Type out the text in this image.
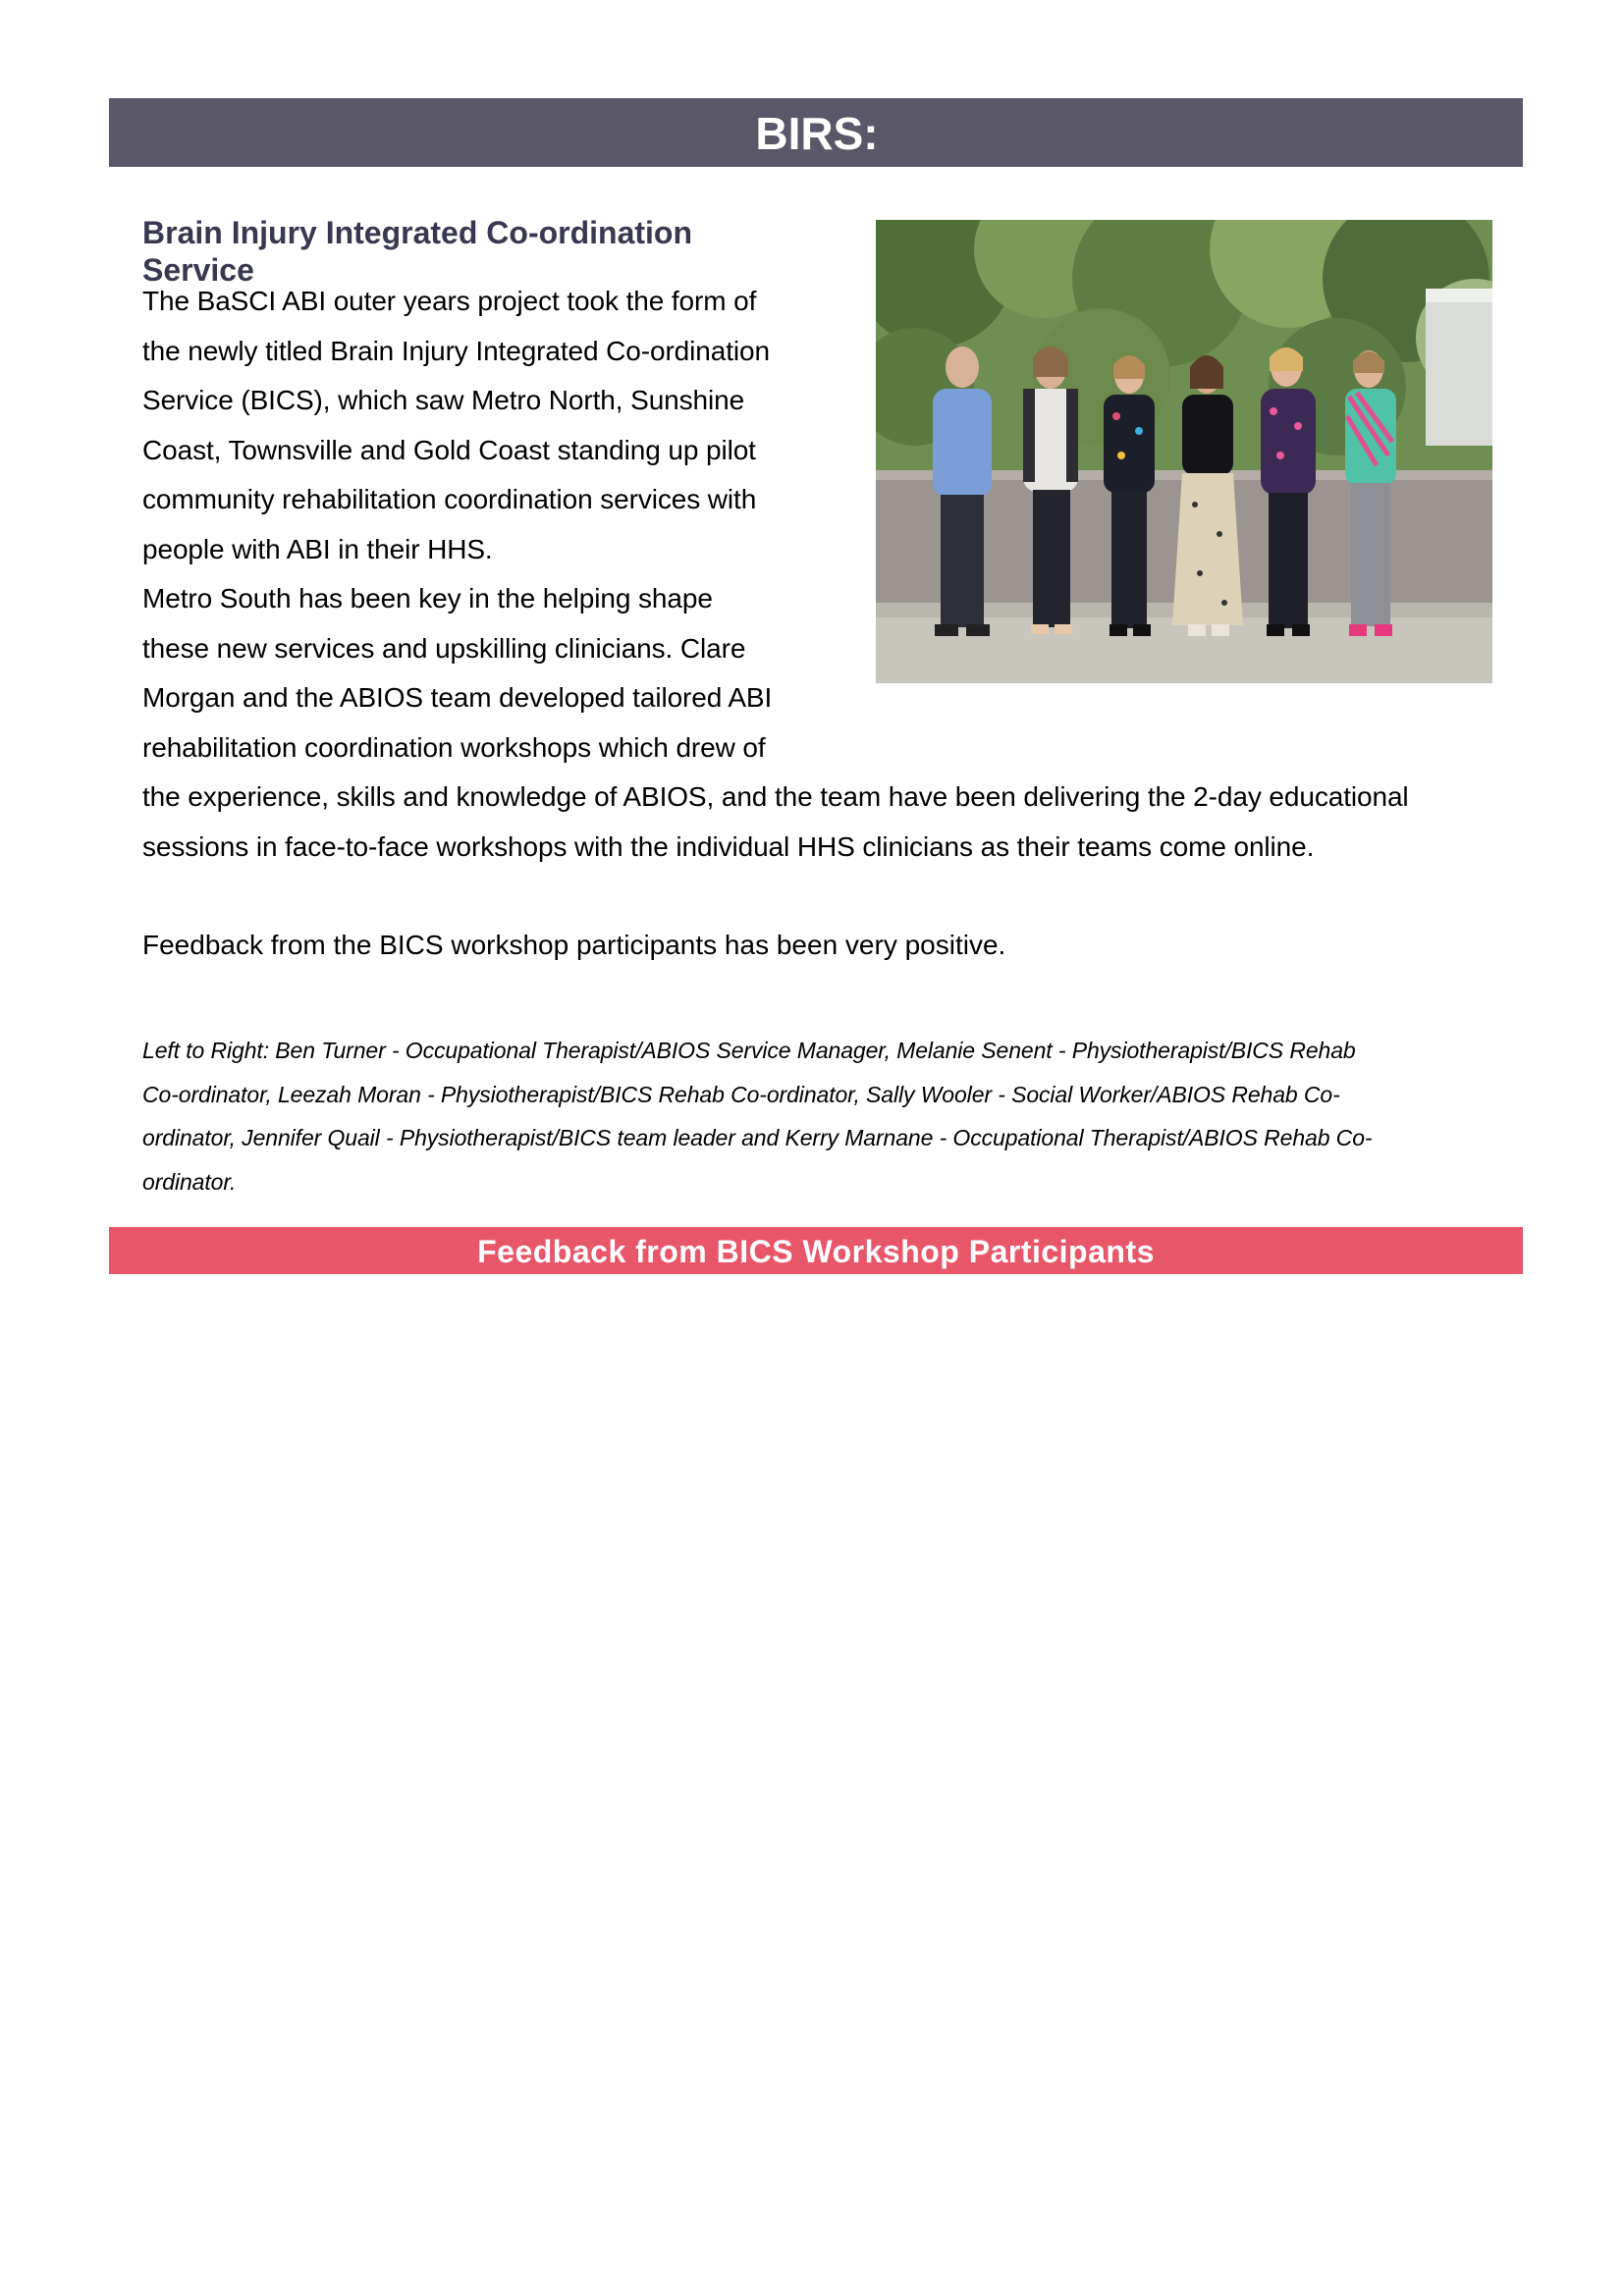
BIRS:
Brain Injury Integrated Co-ordination Service
The BaSCI ABI outer years project took the form of
the newly titled Brain Injury Integrated Co-ordination
Service (BICS), which saw Metro North, Sunshine
Coast, Townsville and Gold Coast standing up pilot
community rehabilitation coordination services with
people with ABI in their HHS.
Metro South has been key in the helping shape
these new services and upskilling clinicians. Clare
Morgan and the ABIOS team developed tailored ABI
rehabilitation coordination workshops which drew of
the experience, skills and knowledge of ABIOS, and the team have been delivering the 2-day educational
sessions in face-to-face workshops with the individual HHS clinicians as their teams come online.
Feedback from the BICS workshop participants has been very positive.
Left to Right: Ben Turner - Occupational Therapist/ABIOS Service Manager, Melanie Senent - Physiotherapist/BICS Rehab
Co-ordinator, Leezah Moran - Physiotherapist/BICS Rehab Co-ordinator, Sally Wooler - Social Worker/ABIOS Rehab Co-
ordinator, Jennifer Quail - Physiotherapist/BICS team leader and Kerry Marnane - Occupational Therapist/ABIOS Rehab Co-
ordinator.
Feedback from BICS Workshop Participants
